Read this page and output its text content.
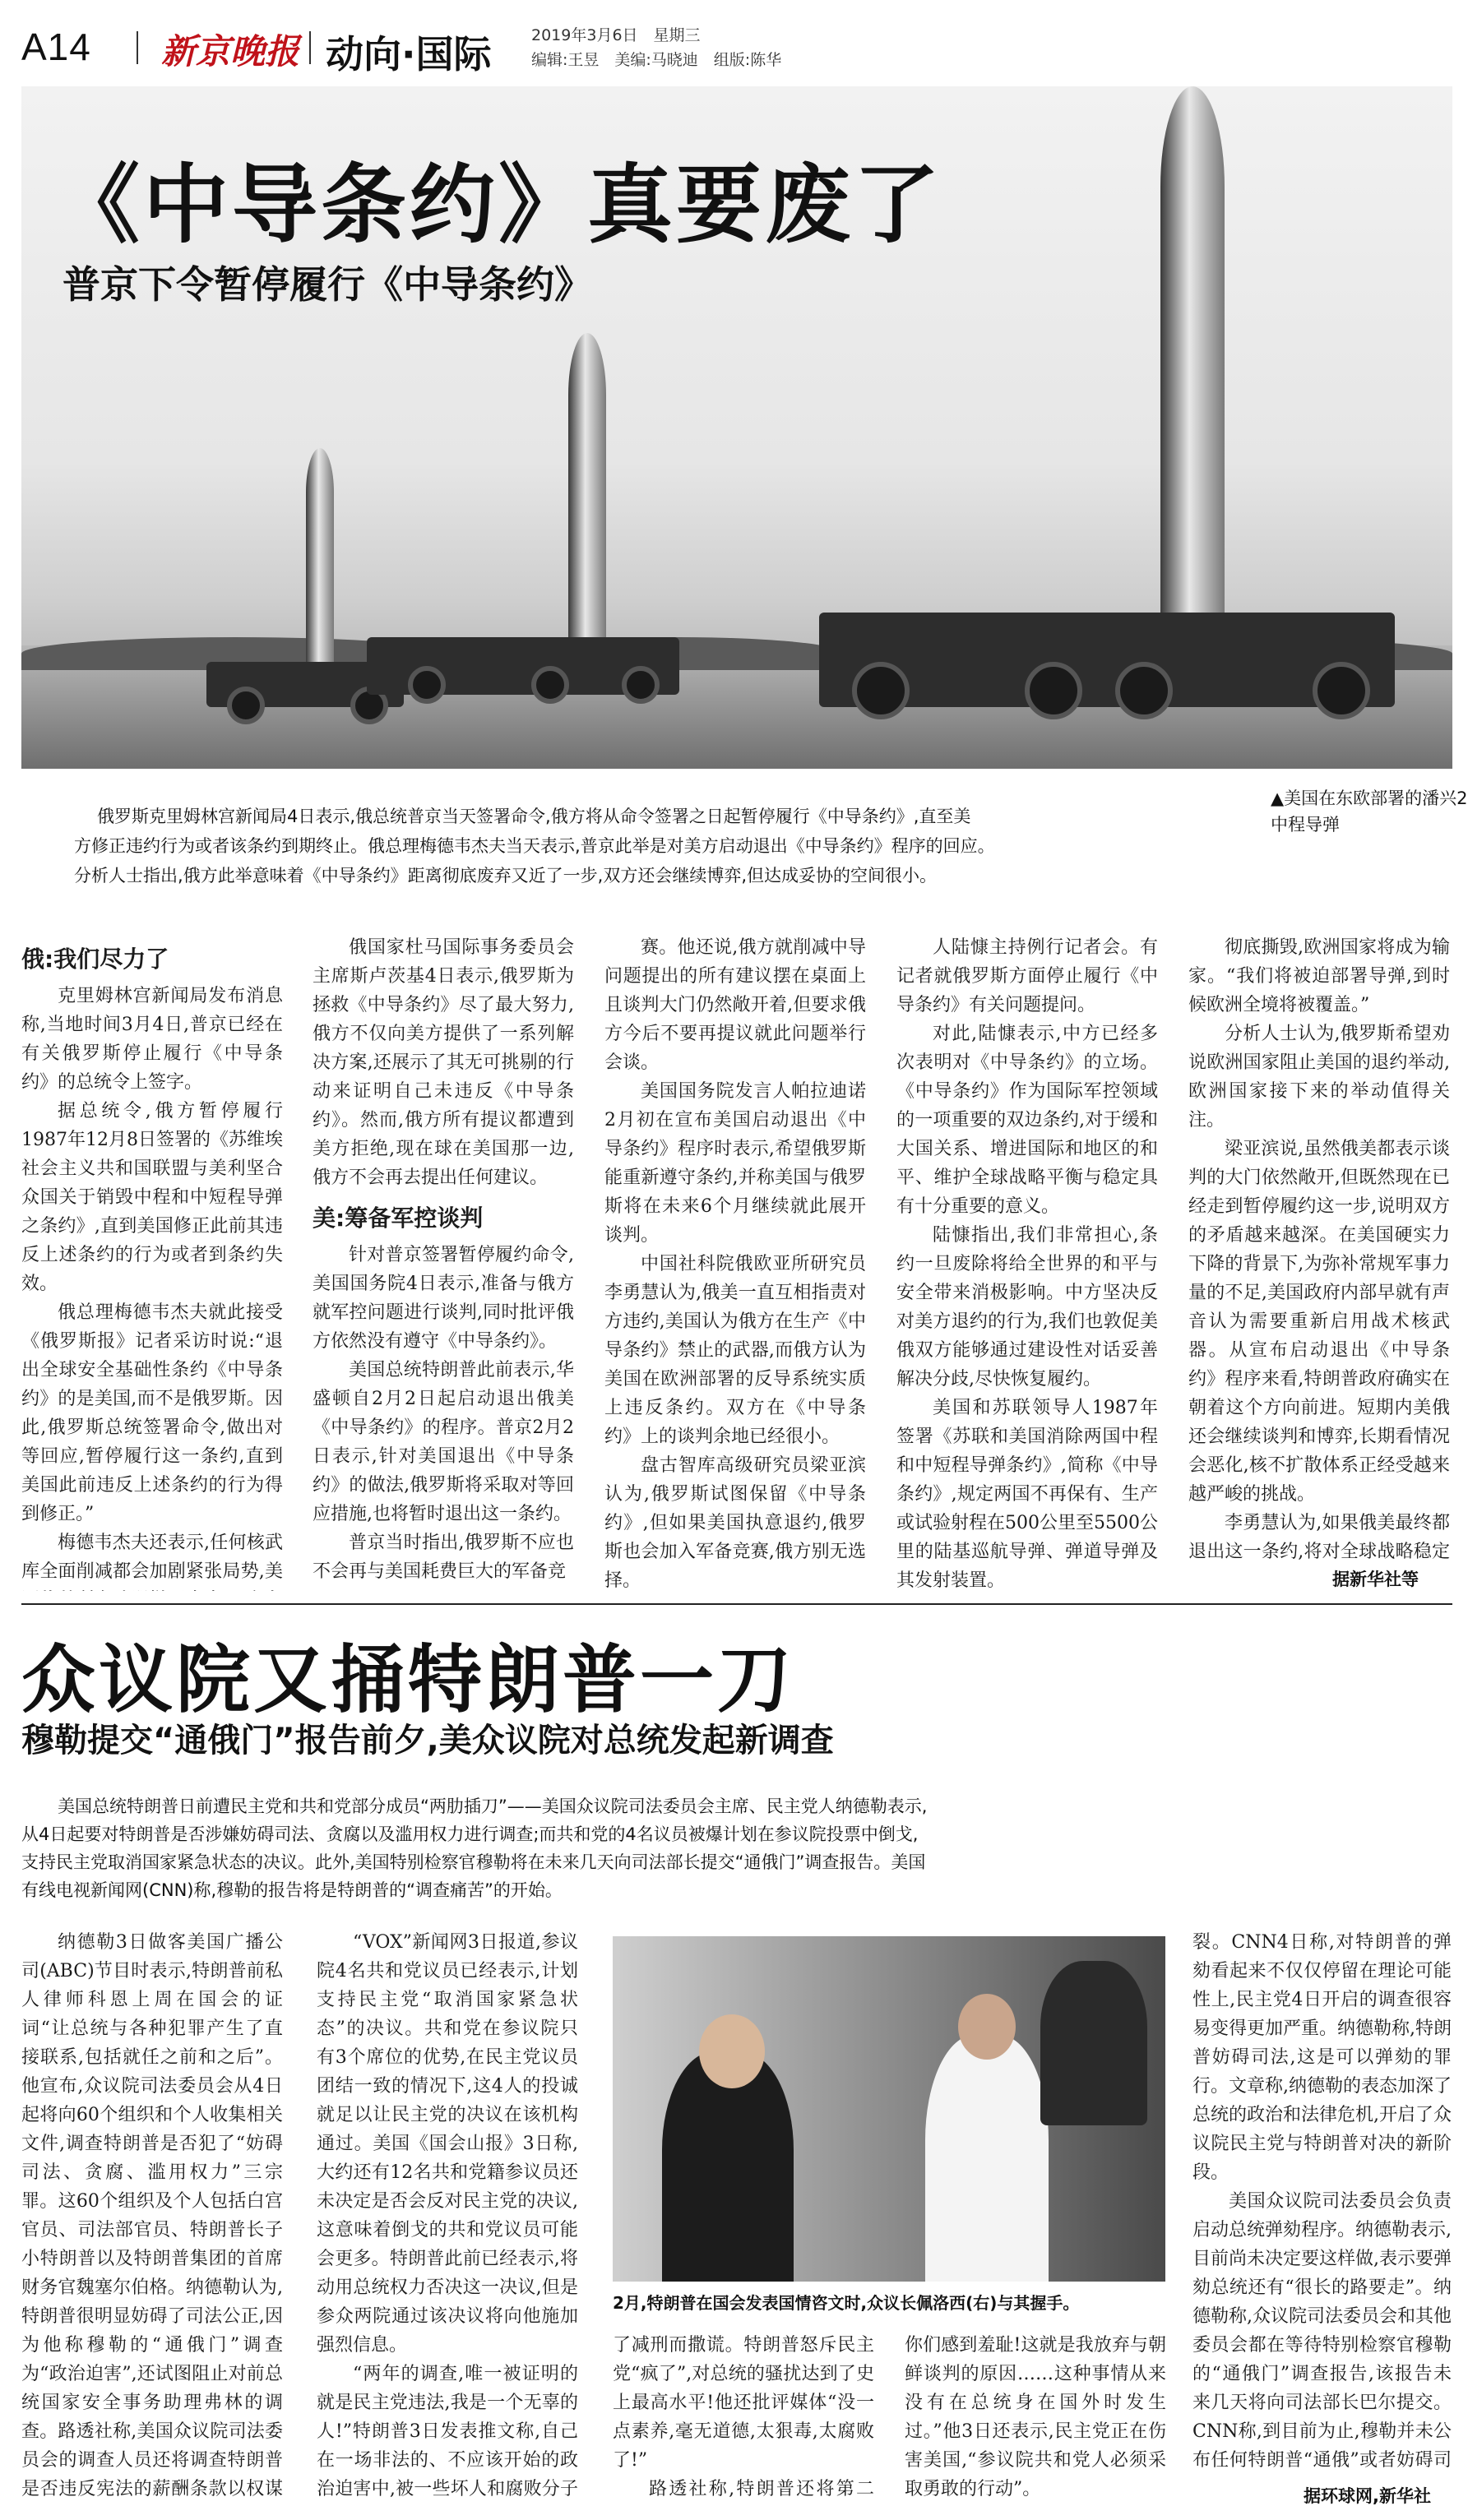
A14 新京晚报 动向·国际	2019年3月6日　星期三
编辑:王昱　美编:马晓迪　组版:陈华
《中导条约》真要废了
普京下令暂停履行《中导条约》
▲美国在东欧部署的潘兴2中程导弹
俄罗斯克里姆林宫新闻局4日表示,俄总统普京当天签署命令,俄方将从命令签署之日起暂停履行《中导条约》,直至美
方修正违约行为或者该条约到期终止。俄总理梅德韦杰夫当天表示,普京此举是对美方启动退出《中导条约》程序的回应。
分析人士指出,俄方此举意味着《中导条约》距离彻底废弃又近了一步,双方还会继续博弈,但达成妥协的空间很小。
俄:我们尽力了

克里姆林宫新闻局发布消息称,当地时间3月4日,普京已经在有关俄罗斯停止履行《中导条约》的总统令上签字。

据总统令,俄方暂停履行1987年12月8日签署的《苏维埃社会主义共和国联盟与美利坚合众国关于销毁中程和中短程导弹之条约》,直到美国修正此前其违反上述条约的行为或者到条约失效。

俄总理梅德韦杰夫就此接受《俄罗斯报》记者采访时说:“退出全球安全基础性条约《中导条约》的是美国,而不是俄罗斯。因此,俄罗斯总统签署命令,做出对等回应,暂停履行这一条约,直到美国此前违反上述条约的行为得到修正。”

梅德韦杰夫还表示,任何核武库全面削减都会加剧紧张局势,美

俄国家杜马国际事务委员会主席斯卢茨基4日表示,俄罗斯为拯救《中导条约》尽了最大努力,俄方不仅向美方提供了一系列解决方案,还展示了其无可挑剔的行动来证明自己未违反《中导条约》。然而,俄方所有提议都遭到美方拒绝,现在球在美国那一边,俄方不会再去提出任何建议。

美:筹备军控谈判

针对普京签署暂停履约命令,美国国务院4日表示,准备与俄方就军控问题进行谈判,同时批评俄方依然没有遵守《中导条约》。

美国总统特朗普此前表示,华盛顿自2月2日起启动退出俄美《中导条约》的程序。普京2月2日表示,针对美国退出《中导条约》的做法,俄罗斯将采取对等回应措施,也将暂时退出这一条约。

普京当时指出,俄罗斯不应也不会再与美国耗费巨大的军备竞

赛。他还说,俄方就削减中导问题提出的所有建议摆在桌面上且谈判大门仍然敞开着,但要求俄方今后不要再提议就此问题举行会谈。

美国国务院发言人帕拉迪诺2月初在宣布美国启动退出《中导条约》程序时表示,希望俄罗斯能重新遵守条约,并称美国与俄罗斯将在未来6个月继续就此展开谈判。

中国社科院俄欧亚所研究员李勇慧认为,俄美一直互相指责对方违约,美国认为俄方在生产《中导条约》禁止的武器,而俄方认为美国在欧洲部署的反导系统实质上违反条约。双方在《中导条约》上的谈判余地已经很小。

盘古智库高级研究员梁亚滨认为,俄罗斯试图保留《中导条约》,但如果美国执意退约,俄罗斯也会加入军备竞赛,俄方别无选择。

人陆慷主持例行记者会。有记者就俄罗斯方面停止履行《中导条约》有关问题提问。

对此,陆慷表示,中方已经多次表明对《中导条约》的立场。《中导条约》作为国际军控领域的一项重要的双边条约,对于缓和大国关系、增进国际和地区的和平、维护全球战略平衡与稳定具有十分重要的意义。

陆慷指出,我们非常担心,条约一旦废除将给全世界的和平与安全带来消极影响。中方坚决反对美方退约的行为,我们也敦促美俄双方能够通过建设性对话妥善解决分歧,尽快恢复履约。

美国和苏联领导人1987年签署《苏联和美国消除两国中程和中短程导弹条约》,简称《中导条约》,规定两国不再保有、生产或试验射程在500公里至5500公里的陆基巡航导弹、弹道导弹及其发射装置。

彻底撕毁,欧洲国家将成为输家。“我们将被迫部署导弹,到时候欧洲全境将被覆盖。”

分析人士认为,俄罗斯希望劝说欧洲国家阻止美国的退约举动,欧洲国家接下来的举动值得关注。

梁亚滨说,虽然俄美都表示谈判的大门依然敞开,但既然现在已经走到暂停履约这一步,说明双方的矛盾越来越深。在美国硬实力下降的背景下,为弥补常规军事力量的不足,美国政府内部早就有声音认为需要重新启用战术核武器。从宣布启动退出《中导条约》程序来看,特朗普政府确实在朝着这个方向前进。短期内美俄还会继续谈判和博弈,长期看情况会恶化,核不扩散体系正经受越来越严峻的挑战。

李勇慧认为,如果俄美最终都退出这一条约,将对全球战略稳定

据新华社等
众议院又捅特朗普一刀
穆勒提交“通俄门”报告前夕,美众议院对总统发起新调查
美国总统特朗普日前遭民主党和共和党部分成员“两肋插刀”——美国众议院司法委员会主席、民主党人纳德勒表示,
从4日起要对特朗普是否涉嫌妨碍司法、贪腐以及滥用权力进行调查;而共和党的4名议员被爆计划在参议院投票中倒戈,
支持民主党取消国家紧急状态的决议。此外,美国特别检察官穆勒将在未来几天向司法部长提交“通俄门”调查报告。美国
有线电视新闻网(CNN)称,穆勒的报告将是特朗普的“调查痛苦”的开始。

纳德勒3日做客美国广播公司(ABC)节目时表示,特朗普前私人律师科恩上周在国会的证词“让总统与各种犯罪产生了直接联系,包括就任之前和之后”。他宣布,众议院司法委员会从4日起将向60个组织和个人收集相关文件,调查特朗普是否犯了“妨碍司法、贪腐、滥用权力”三宗罪。这60个组织及个人包括白宫官员、司法部官员、特朗普长子小特朗普以及特朗普集团的首席财务官魏塞尔伯格。纳德勒认为,特朗普很明显妨碍了司法公正,因为他称穆勒的“通俄门”调查为“政治迫害”,还试图阻止对前总统国家安全事务助理弗林的调查。路透社称,美国众议院司法委员会的调查人员还将调查特朗普是否违反宪法的薪酬条款以权谋

“VOX”新闻网3日报道,参议院4名共和党议员已经表示,计划支持民主党“取消国家紧急状态”的决议。共和党在参议院只有3个席位的优势,在民主党议员团结一致的情况下,这4人的投诚就足以让民主党的决议在该机构通过。美国《国会山报》3日称,大约还有12名共和党籍参议员还未决定是否会反对民主党的决议,这意味着倒戈的共和党议员可能会更多。特朗普此前已经表示,将动用总统权力否决这一决议,但是参众两院通过该决议将向他施加强烈信息。

“两年的调查,唯一被证明的就是民主党违法,我是一个无辜的人!”特朗普3日发表推文称,自己在一场非法的、不应该开始的政治迫害中,被一些坏人和腐败分子

2月,特朗普在国会发表国情咨文时,众议长佩洛西(右)与其握手。

了减刑而撒谎。特朗普怒斥民主党“疯了”,对总统的骚扰达到了史上最高水平!他还批评媒体“没一点素养,毫无道德,太狠毒,太腐败了!”

路透社称,特朗普还将第二

你们感到羞耻!这就是我放弃与朝鲜谈判的原因……这种事情从来没有在总统身在国外时发生过。”他3日还表示,民主党正在伤害美国,“参议院共和党人必须采取勇敢的行动”。

裂。CNN4日称,对特朗普的弹劾看起来不仅仅停留在理论可能性上,民主党4日开启的调查很容易变得更加严重。纳德勒称,特朗普妨碍司法,这是可以弹劾的罪行。文章称,纳德勒的表态加深了总统的政治和法律危机,开启了众议院民主党与特朗普对决的新阶段。

美国众议院司法委员会负责启动总统弹劾程序。纳德勒表示,目前尚未决定要这样做,表示要弹劾总统还有“很长的路要走”。纳德勒称,众议院司法委员会和其他委员会都在等待特别检察官穆勒的“通俄门”调查报告,该报告未来几天将向司法部长巴尔提交。CNN称,到目前为止,穆勒并未公布任何特朗普“通俄”或者妨碍司

据环球网,新华社
